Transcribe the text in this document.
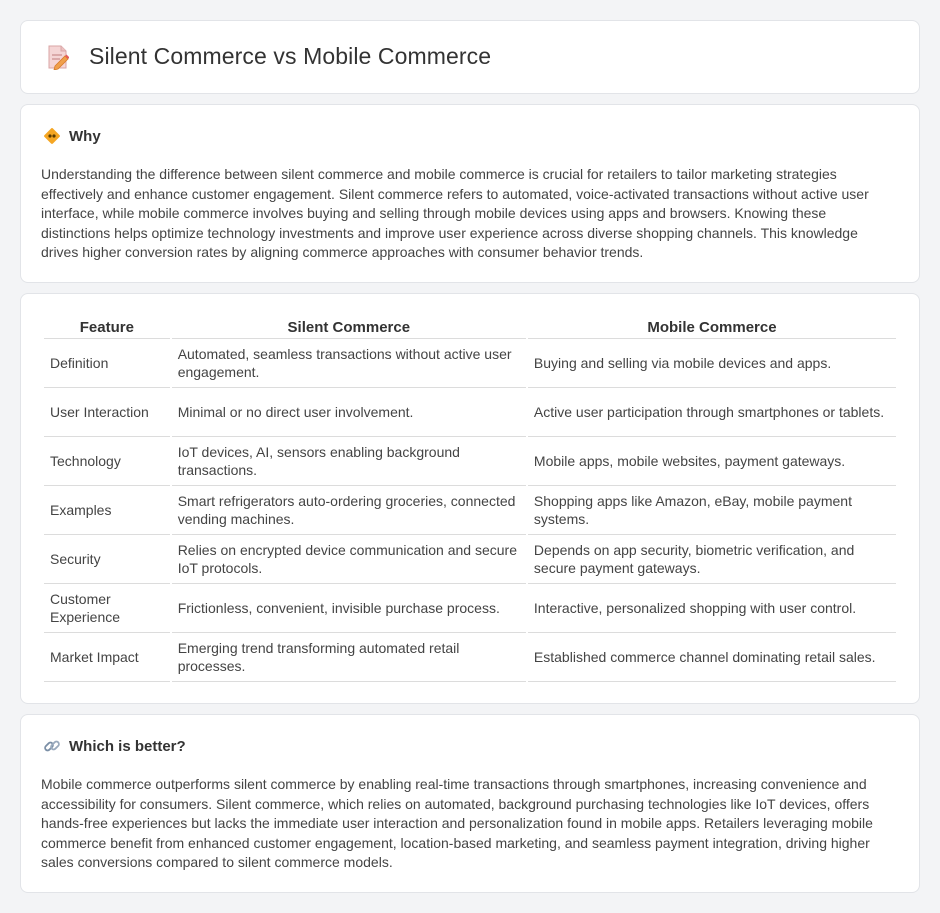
Silent Commerce vs Mobile Commerce
Why

Understanding the difference between silent commerce and mobile commerce is crucial for retailers to tailor marketing strategies effectively and enhance customer engagement. Silent commerce refers to automated, voice-activated transactions without active user interface, while mobile commerce involves buying and selling through mobile devices using apps and browsers. Knowing these distinctions helps optimize technology investments and improve user experience across diverse shopping channels. This knowledge drives higher conversion rates by aligning commerce approaches with consumer behavior trends.

Feature	Silent Commerce	Mobile Commerce
Definition	Automated, seamless transactions without active user engagement.	Buying and selling via mobile devices and apps.
User Interaction	Minimal or no direct user involvement.	Active user participation through smartphones or tablets.
Technology	IoT devices, AI, sensors enabling background transactions.	Mobile apps, mobile websites, payment gateways.
Examples	Smart refrigerators auto-ordering groceries, connected vending machines.	Shopping apps like Amazon, eBay, mobile payment systems.
Security	Relies on encrypted device communication and secure IoT protocols.	Depends on app security, biometric verification, and secure payment gateways.
Customer Experience	Frictionless, convenient, invisible purchase process.	Interactive, personalized shopping with user control.
Market Impact	Emerging trend transforming automated retail processes.	Established commerce channel dominating retail sales.
Which is better?

Mobile commerce outperforms silent commerce by enabling real-time transactions through smartphones, increasing convenience and accessibility for consumers. Silent commerce, which relies on automated, background purchasing technologies like IoT devices, offers hands-free experiences but lacks the immediate user interaction and personalization found in mobile apps. Retailers leveraging mobile commerce benefit from enhanced customer engagement, location-based marketing, and seamless payment integration, driving higher sales conversions compared to silent commerce models.
